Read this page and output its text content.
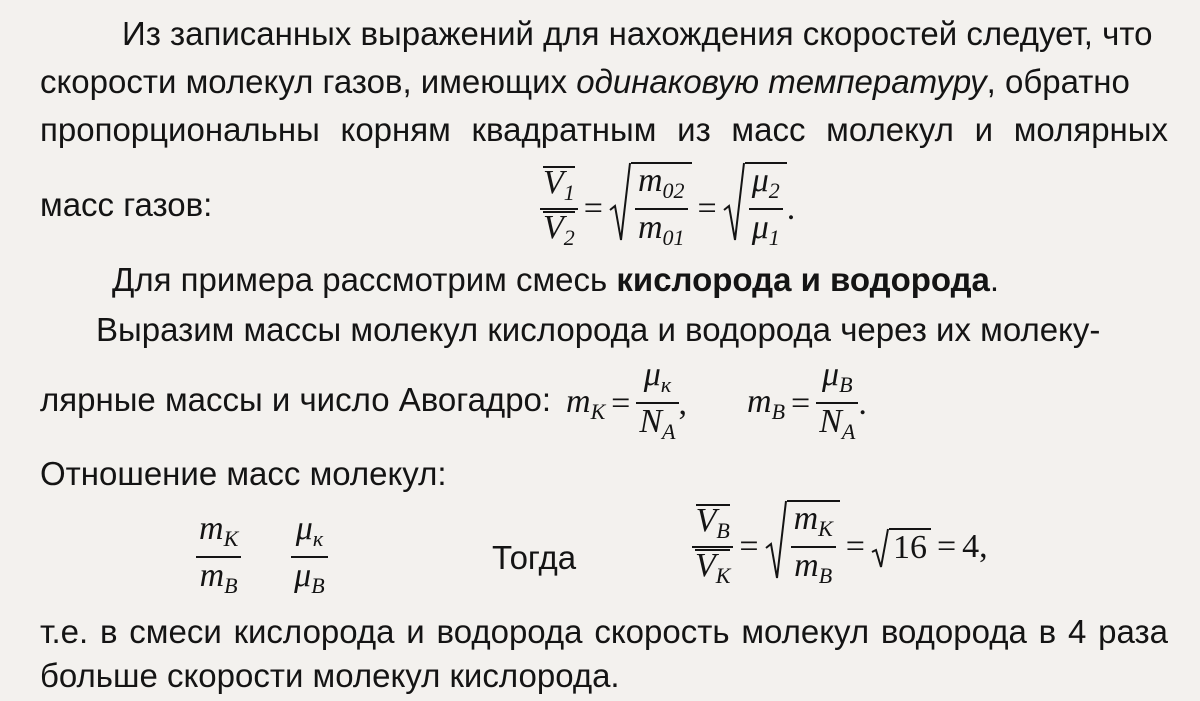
Из записанных выражений для нахождения скоростей следует, что
скорости молекул газов, имеющих одинаковую температуру, обратно
пропорциональны корням квадратным из масс молекул и молярных
масс газов:	$\frac{V_1}{V_2} = \frac{m_{02}}{m_{01}} = \frac{\mu_2}{\mu_1}$ .
Для примера рассмотрим смесь кислорода и водорода.
Выразим массы молекул кислорода и водорода через их молеку-
лярные массы и число Авогадро: $m_К = \frac{\mu_к}{N_A}$ , $m_В = \frac{\mu_В}{N_A}$ .
Отношение масс молекул:
$\frac{m_К}{m_В} \frac{\mu_к}{\mu_В}$	Тогда	$\frac{V_В}{V_К} = \frac{m_К}{m_В} = 16 = 4$,
т.е. в смеси кислорода и водорода скорость молекул водорода в 4 раза
больше скорости молекул кислорода.
